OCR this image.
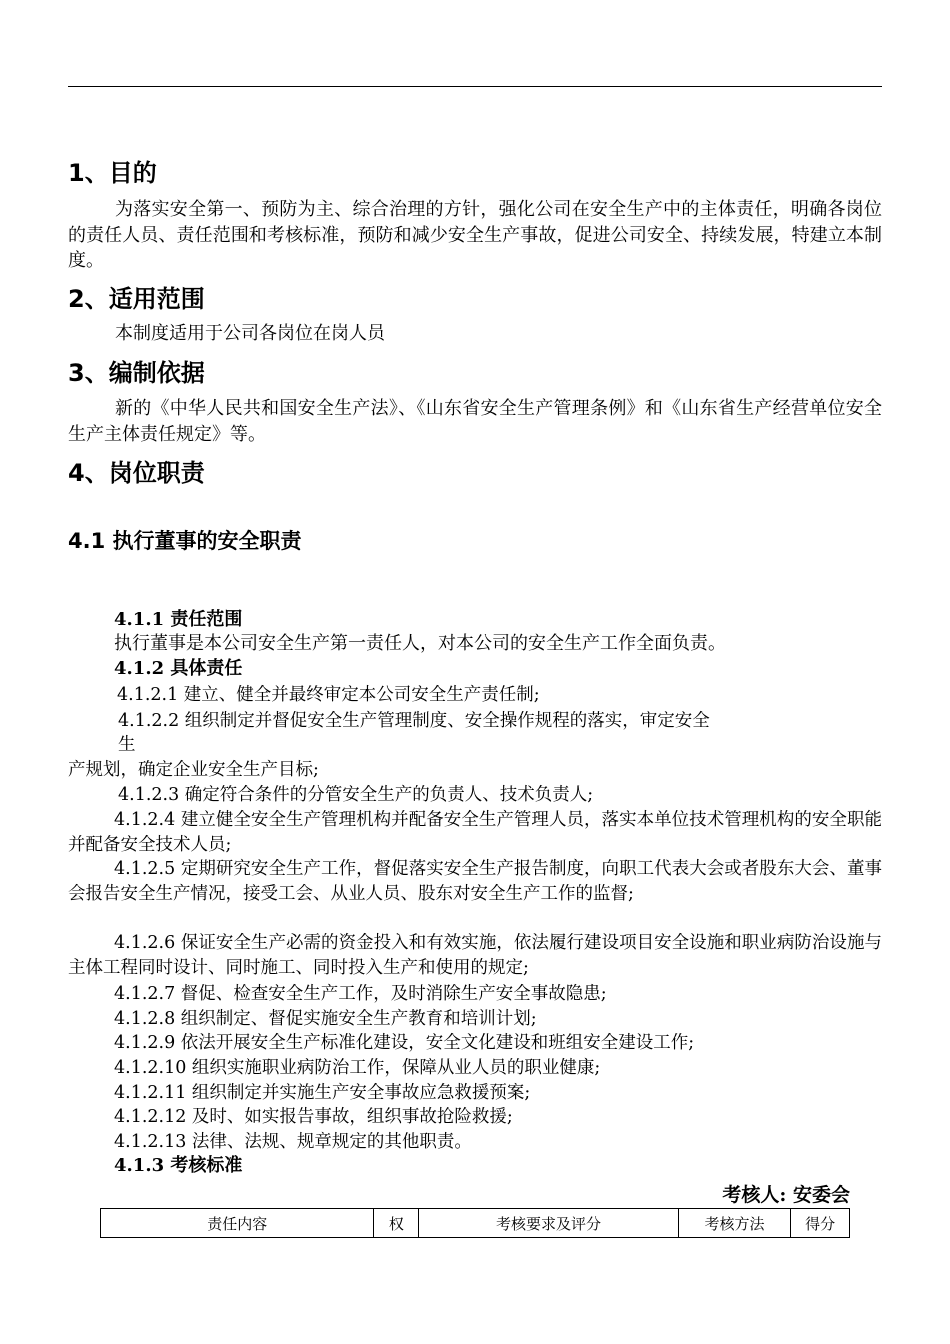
1、目的
为落实安全第一、预防为主、综合治理的方针，强化公司在安全生产中的主体责任，明确各岗位的责任人员、责任范围和考核标准，预防和减少安全生产事故，促进公司安全、持续发展，特建立本制度。
2、适用范围
本制度适用于公司各岗位在岗人员
3、编制依据
新的《中华人民共和国安全生产法》、《山东省安全生产管理条例》和《山东省生产经营单位安全生产主体责任规定》等。
4、岗位职责
4.1 执行董事的安全职责
4.1.1 责任范围
执行董事是本公司安全生产第一责任人，对本公司的安全生产工作全面负责。
4.1.2 具体责任
4.1.2.1 建立、健全并最终审定本公司安全生产责任制;
4.1.2.2 组织制定并督促安全生产管理制度、安全操作规程的落实，审定安全
生
产规划，确定企业安全生产目标;
4.1.2.3 确定符合条件的分管安全生产的负责人、技术负责人;
4.1.2.4 建立健全安全生产管理机构并配备安全生产管理人员，落实本单位技术管理机构的安全职能并配备安全技术人员;
4.1.2.5 定期研究安全生产工作，督促落实安全生产报告制度，向职工代表大会或者股东大会、董事会报告安全生产情况，接受工会、从业人员、股东对安全生产工作的监督;
4.1.2.6 保证安全生产必需的资金投入和有效实施，依法履行建设项目安全设施和职业病防治设施与主体工程同时设计、同时施工、同时投入生产和使用的规定;
4.1.2.7 督促、检查安全生产工作，及时消除生产安全事故隐患;
4.1.2.8 组织制定、督促实施安全生产教育和培训计划;
4.1.2.9 依法开展安全生产标准化建设，安全文化建设和班组安全建设工作;
4.1.2.10 组织实施职业病防治工作，保障从业人员的职业健康;
4.1.2.11 组织制定并实施生产安全事故应急救援预案;
4.1.2.12 及时、如实报告事故，组织事故抢险救援;
4.1.2.13 法律、法规、规章规定的其他职责。
4.1.3 考核标准
考核人: 安委会
责任内容	权	考核要求及评分	考核方法	得分
